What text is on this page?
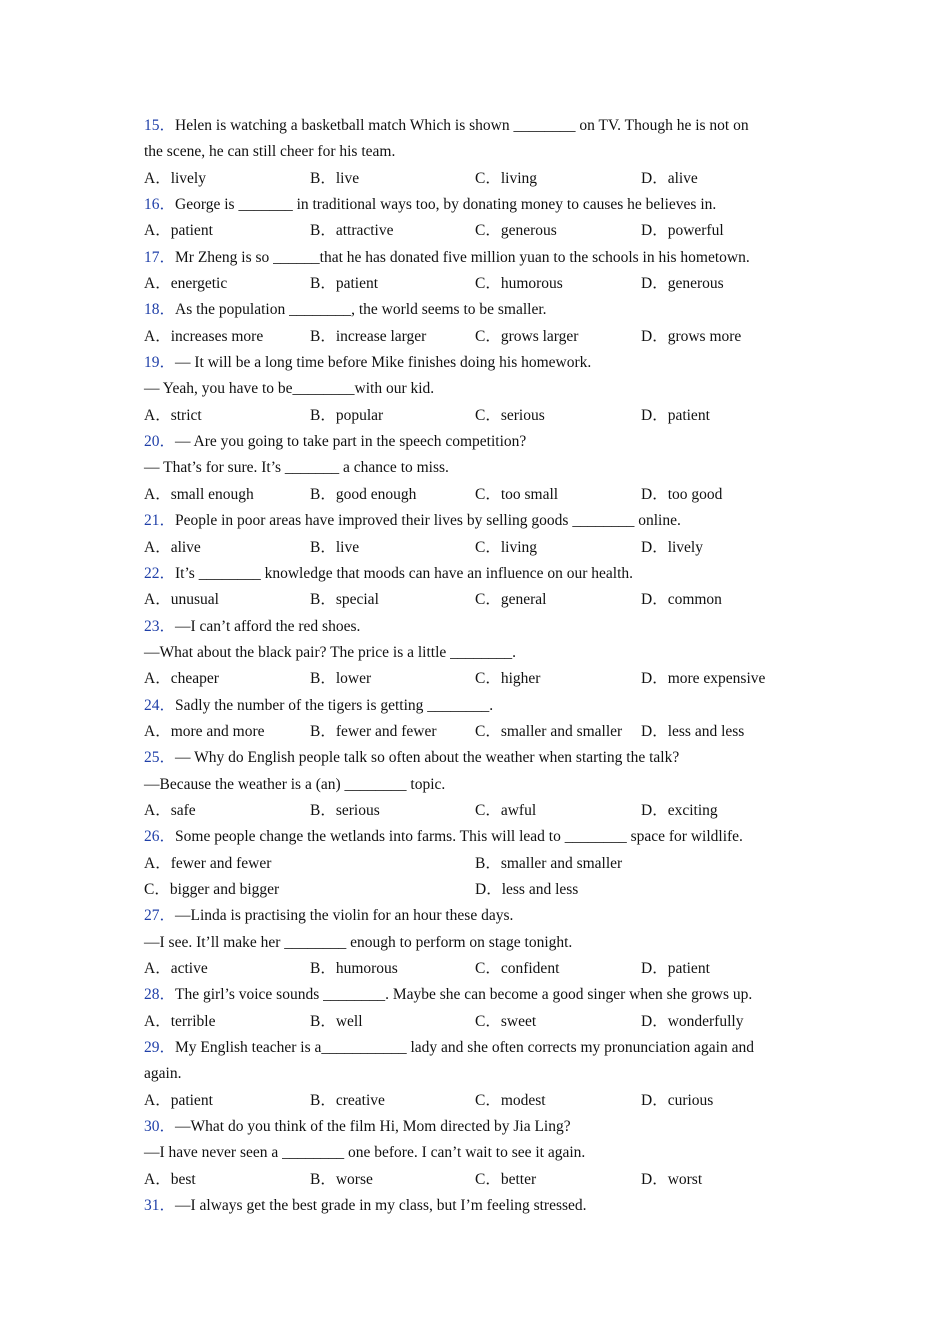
15．Helen is watching a basketball match Which is shown ________ on TV. Though he is not on
the scene, he can still cheer for his team.
A．lively	B．live	C．living	D．alive
16．George is _______ in traditional ways too, by donating money to causes he believes in.
A．patient	B．attractive	C．generous	D．powerful
17．Mr Zheng is so ______that he has donated five million yuan to the schools in his hometown.
A．energetic	B．patient	C．humorous	D．generous
18．As the population ________, the world seems to be smaller.
A．increases more	B．increase larger	C．grows larger	D．grows more
19．— It will be a long time before Mike finishes doing his homework.
— Yeah, you have to be________with our kid.
A．strict	B．popular	C．serious	D．patient
20．— Are you going to take part in the speech competition?
— That’s for sure. It’s _______ a chance to miss.
A．small enough	B．good enough	C．too small	D．too good
21．People in poor areas have improved their lives by selling goods ________ online.
A．alive	B．live	C．living	D．lively
22．It’s ________ knowledge that moods can have an influence on our health.
A．unusual	B．special	C．general	D．common
23．—I can’t afford the red shoes.
—What about the black pair? The price is a little ________.
A．cheaper	B．lower	C．higher	D．more expensive
24．Sadly the number of the tigers is getting ________.
A．more and more	B．fewer and fewer C．smaller and smaller D．less and less
25．— Why do English people talk so often about the weather when starting the talk?
—Because the weather is a (an) ________ topic.
A．safe	B．serious	C．awful	D．exciting
26．Some people change the wetlands into farms. This will lead to ________ space for wildlife.
A．fewer and fewer	B．smaller and smaller
C．bigger and bigger	D．less and less
27．—Linda is practising the violin for an hour these days.
—I see. It’ll make her ________ enough to perform on stage tonight.
A．active	B．humorous	C．confident	D．patient
28．The girl’s voice sounds ________. Maybe she can become a good singer when she grows up.
A．terrible	B．well	C．sweet	D．wonderfully
29．My English teacher is a___________ lady and she often corrects my pronunciation again and
again.
A．patient	B．creative	C．modest	D．curious
30．—What do you think of the film Hi, Mom directed by Jia Ling?
—I have never seen a ________ one before. I can’t wait to see it again.
A．best	B．worse	C．better	D．worst
31．—I always get the best grade in my class, but I’m feeling stressed.
